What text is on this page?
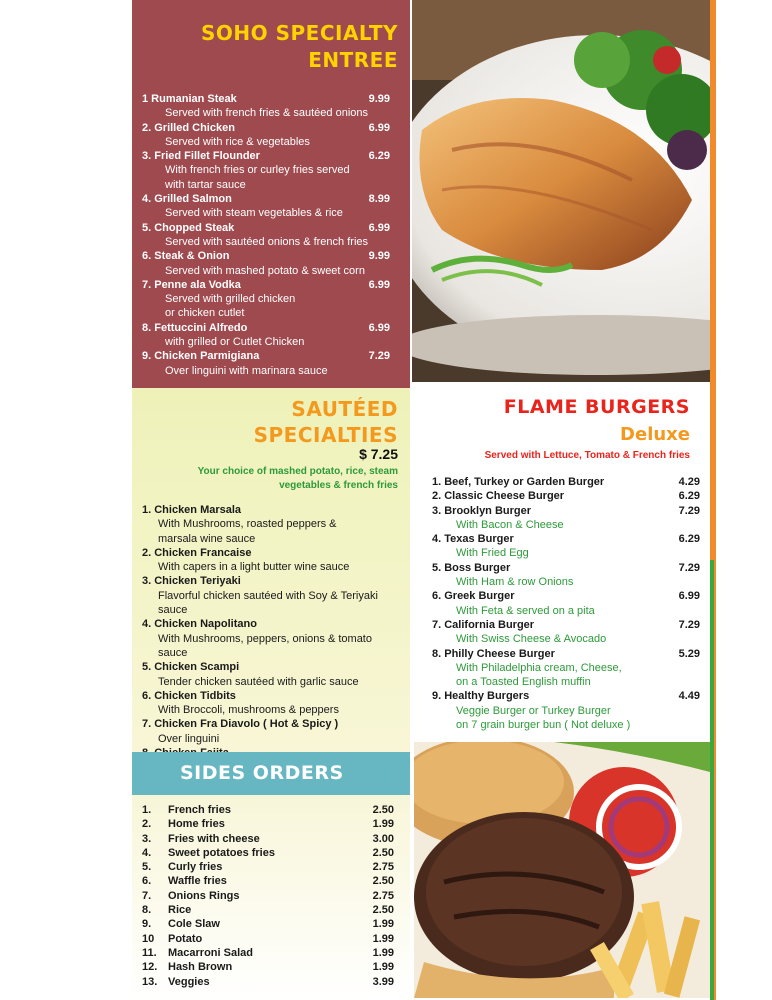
SOHO SPECIALTY
ENTREE
1 Rumanian Steak	9.99
Served with french fries & sautéed onions
2. Grilled Chicken	6.99
Served with rice & vegetables
3. Fried Fillet Flounder	6.29
With french fries or curley fries served
with tartar sauce
4. Grilled Salmon	8.99
Served with steam vegetables & rice
5. Chopped Steak	6.99
Served with sautéed onions & french fries
6. Steak & Onion	9.99
Served with mashed potato & sweet corn
7. Penne ala Vodka	6.99
Served with grilled chicken
or chicken cutlet
8. Fettuccini Alfredo	6.99
with grilled or Cutlet Chicken
9. Chicken Parmigiana	7.29
Over linguini with marinara sauce
SAUTÉED
SPECIALTIES
$ 7.25
Your choice of mashed potato, rice, steam
vegetables & french fries
1. Chicken Marsala
With Mushrooms, roasted peppers &
marsala wine sauce
2. Chicken Francaise
With capers in a light butter wine sauce
3. Chicken Teriyaki
Flavorful chicken sautéed with Soy & Teriyaki
sauce
4. Chicken Napolitano
With Mushrooms, peppers, onions & tomato sauce
5. Chicken Scampi
Tender chicken sautéed with garlic sauce
6. Chicken Tidbits
With Broccoli, mushrooms & peppers
7. Chicken Fra Diavolo ( Hot & Spicy )
Over linguini
SIDES ORDERS
1. French fries	2.50
2. Home fries	1.99
3. Fries with cheese	3.00
4. Sweet potatoes fries	2.50
5. Curly fries	2.75
6. Waffle fries	2.50
7. Onions Rings	2.75
8. Rice	2.50
9. Cole Slaw	1.99
10 Potato	1.99
11. Macarroni Salad	1.99
12. Hash Brown	1.99
13. Veggies	3.99
FLAME BURGERS
Deluxe
Served with Lettuce, Tomato & French fries
1. Beef, Turkey or Garden Burger	4.29
2. Classic Cheese Burger	6.29
3. Brooklyn Burger	7.29
With Bacon & Cheese
4. Texas Burger	6.29
With Fried Egg
5. Boss Burger	7.29
With Ham & row Onions
6. Greek Burger	6.99
With Feta & served on a pita
7. California Burger	7.29
With Swiss Cheese & Avocado
8. Philly Cheese Burger	5.29
With Philadelphia cream, Cheese,
on a Toasted English muffin
9. Healthy Burgers	4.49
Veggie Burger or Turkey Burger
on 7 grain burger bun ( Not deluxe )
